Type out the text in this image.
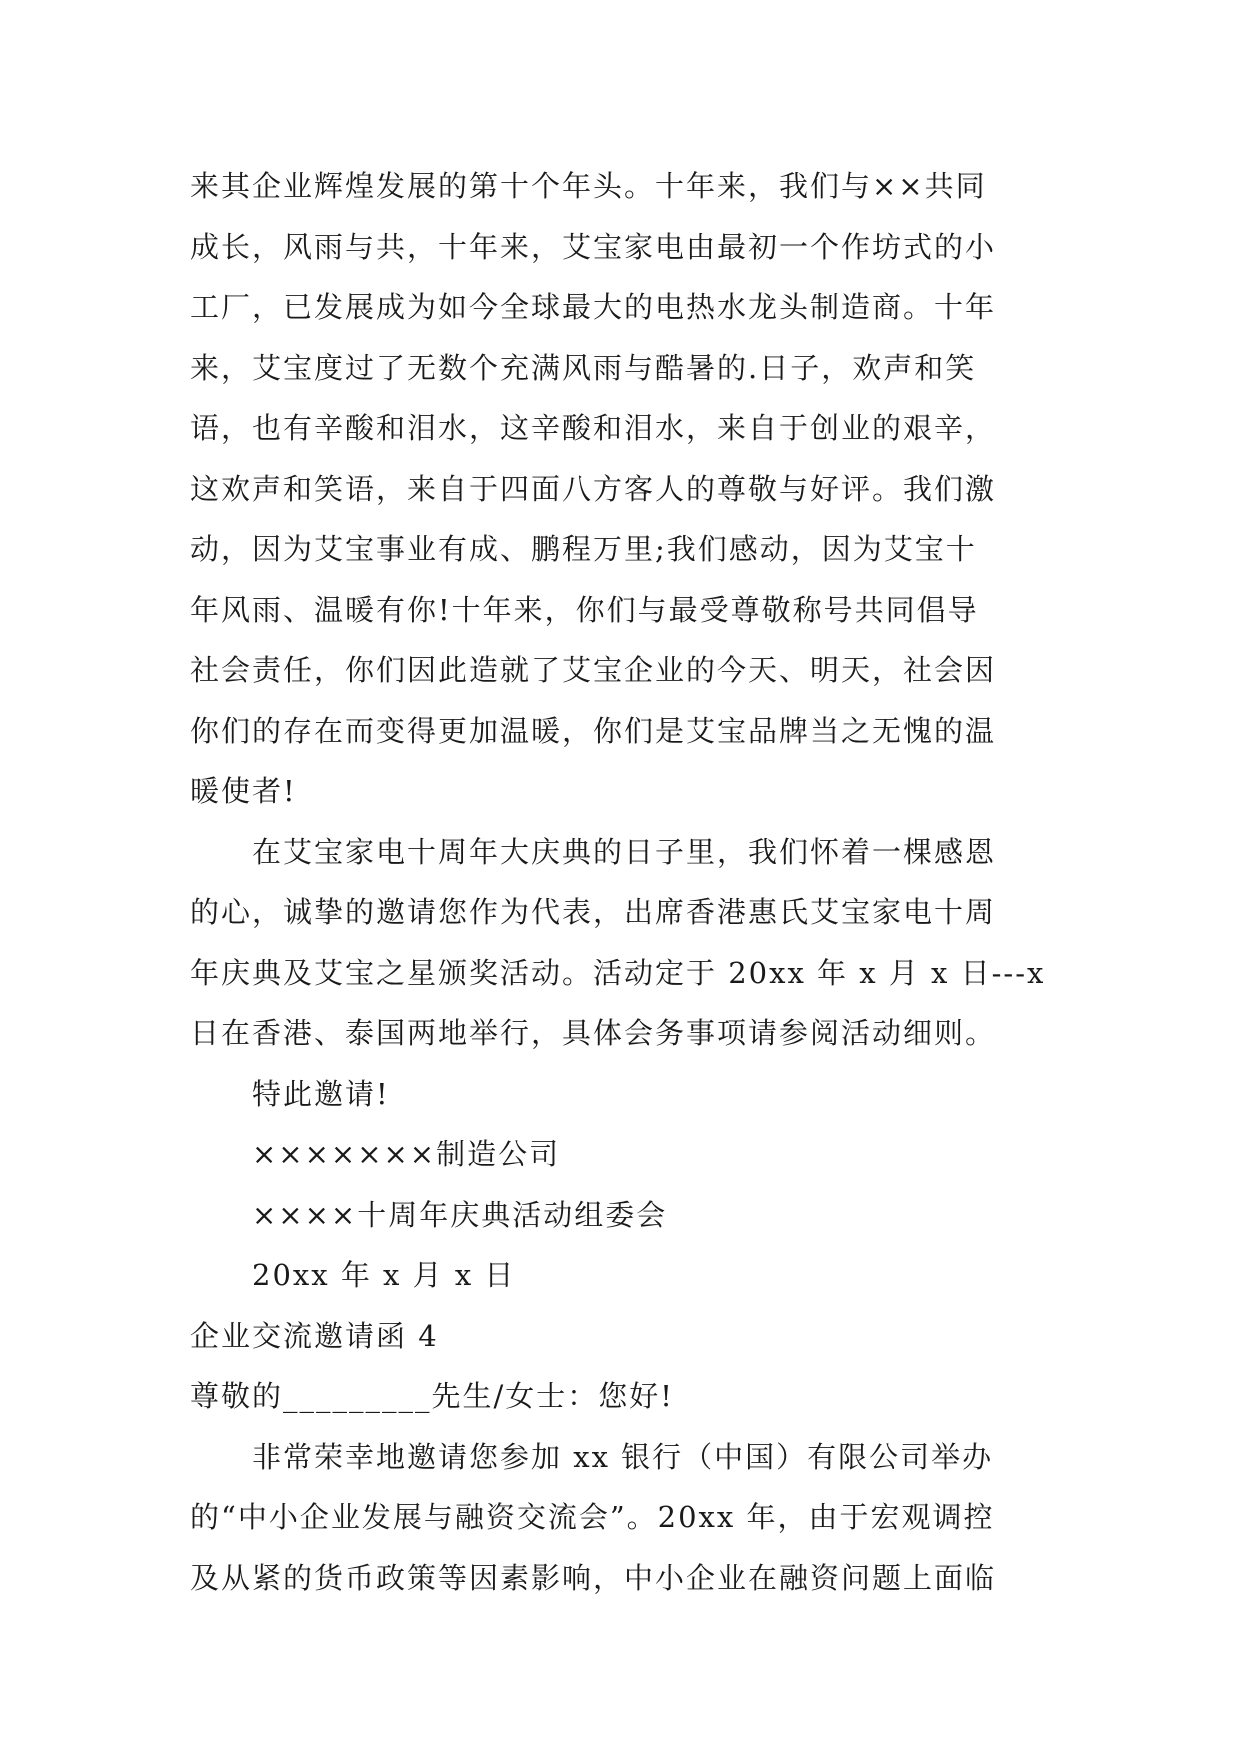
来其企业辉煌发展的第十个年头。十年来，我们与××共同
成长，风雨与共，十年来，艾宝家电由最初一个作坊式的小
工厂，已发展成为如今全球最大的电热水龙头制造商。十年
来，艾宝度过了无数个充满风雨与酷暑的.日子，欢声和笑
语，也有辛酸和泪水，这辛酸和泪水，来自于创业的艰辛，
这欢声和笑语，来自于四面八方客人的尊敬与好评。我们激
动，因为艾宝事业有成、鹏程万里;我们感动，因为艾宝十
年风雨、温暖有你!十年来，你们与最受尊敬称号共同倡导
社会责任，你们因此造就了艾宝企业的今天、明天，社会因
你们的存在而变得更加温暖，你们是艾宝品牌当之无愧的温
暖使者!
在艾宝家电十周年大庆典的日子里，我们怀着一棵感恩
的心，诚挚的邀请您作为代表，出席香港惠氏艾宝家电十周
年庆典及艾宝之星颁奖活动。活动定于 20xx 年 x 月 x 日---x
日在香港、泰国两地举行，具体会务事项请参阅活动细则。
特此邀请!
×××××××制造公司
××××十周年庆典活动组委会
20xx 年 x 月 x 日
企业交流邀请函 4
尊敬的_________先生/女士：您好!
非常荣幸地邀请您参加 xx 银行（中国）有限公司举办
的“中小企业发展与融资交流会”。20xx 年，由于宏观调控
及从紧的货币政策等因素影响，中小企业在融资问题上面临
